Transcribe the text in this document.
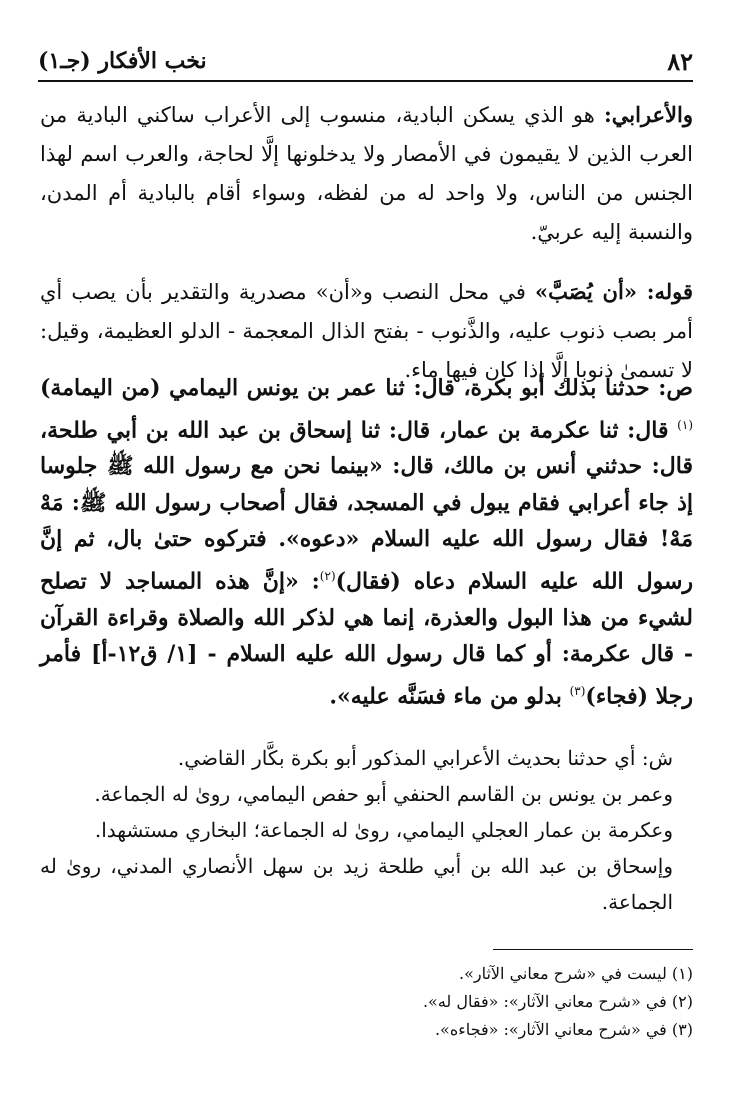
٨٢
نخب الأفكار (جـ١)
والأعرابي: هو الذي يسكن البادية، منسوب إلى الأعراب ساكني البادية من العرب الذين لا يقيمون في الأمصار ولا يدخلونها إلَّا لحاجة، والعرب اسم لهذا الجنس من الناس، ولا واحد له من لفظه، وسواء أقام بالبادية أم المدن، والنسبة إليه عربيّ.
قوله: «أن يُصَبَّ» في محل النصب و«أن» مصدرية والتقدير بأن يصب أي أمر بصب ذنوب عليه، والذَّنوب - بفتح الذال المعجمة - الدلو العظيمة، وقيل: لا تسمىٰ ذنوبا إلَّا إذا كان فيها ماء.
ص: حدثنا بذلك أبو بكرة، قال: ثنا عمر بن يونس اليمامي (من اليمامة)$^{(١)}$ قال: ثنا عكرمة بن عمار، قال: ثنا إسحاق بن عبد الله بن أبي طلحة، قال: حدثني أنس بن مالك، قال: «بينما نحن مع رسول الله ﷺ جلوسا إذ جاء أعرابي فقام يبول في المسجد، فقال أصحاب رسول الله ﷺ: مَهْ مَهْ! فقال رسول الله عليه السلام «دعوه». فتركوه حتىٰ بال، ثم إنَّ رسول الله عليه السلام دعاه (فقال)$^{(٢)}$: «إنَّ هذه المساجد لا تصلح لشيء من هذا البول والعذرة، إنما هي لذكر الله والصلاة وقراءة القرآن - قال عكرمة: أو كما قال رسول الله عليه السلام - [١/ ق١٢-أ] فأمر رجلا (فجاء)$^{(٣)}$ بدلو من ماء فسَنَّه عليه».
ش: أي حدثنا بحديث الأعرابي المذكور أبو بكرة بكَّار القاضي.
وعمر بن يونس بن القاسم الحنفي أبو حفص اليمامي، روىٰ له الجماعة.
وعكرمة بن عمار العجلي اليمامي، روىٰ له الجماعة؛ البخاري مستشهدا.
وإسحاق بن عبد الله بن أبي طلحة زيد بن سهل الأنصاري المدني، روىٰ له الجماعة.
(١) ليست في «شرح معاني الآثار».
(٢) في «شرح معاني الآثار»: «فقال له».
(٣) في «شرح معاني الآثار»: «فجاءه».
